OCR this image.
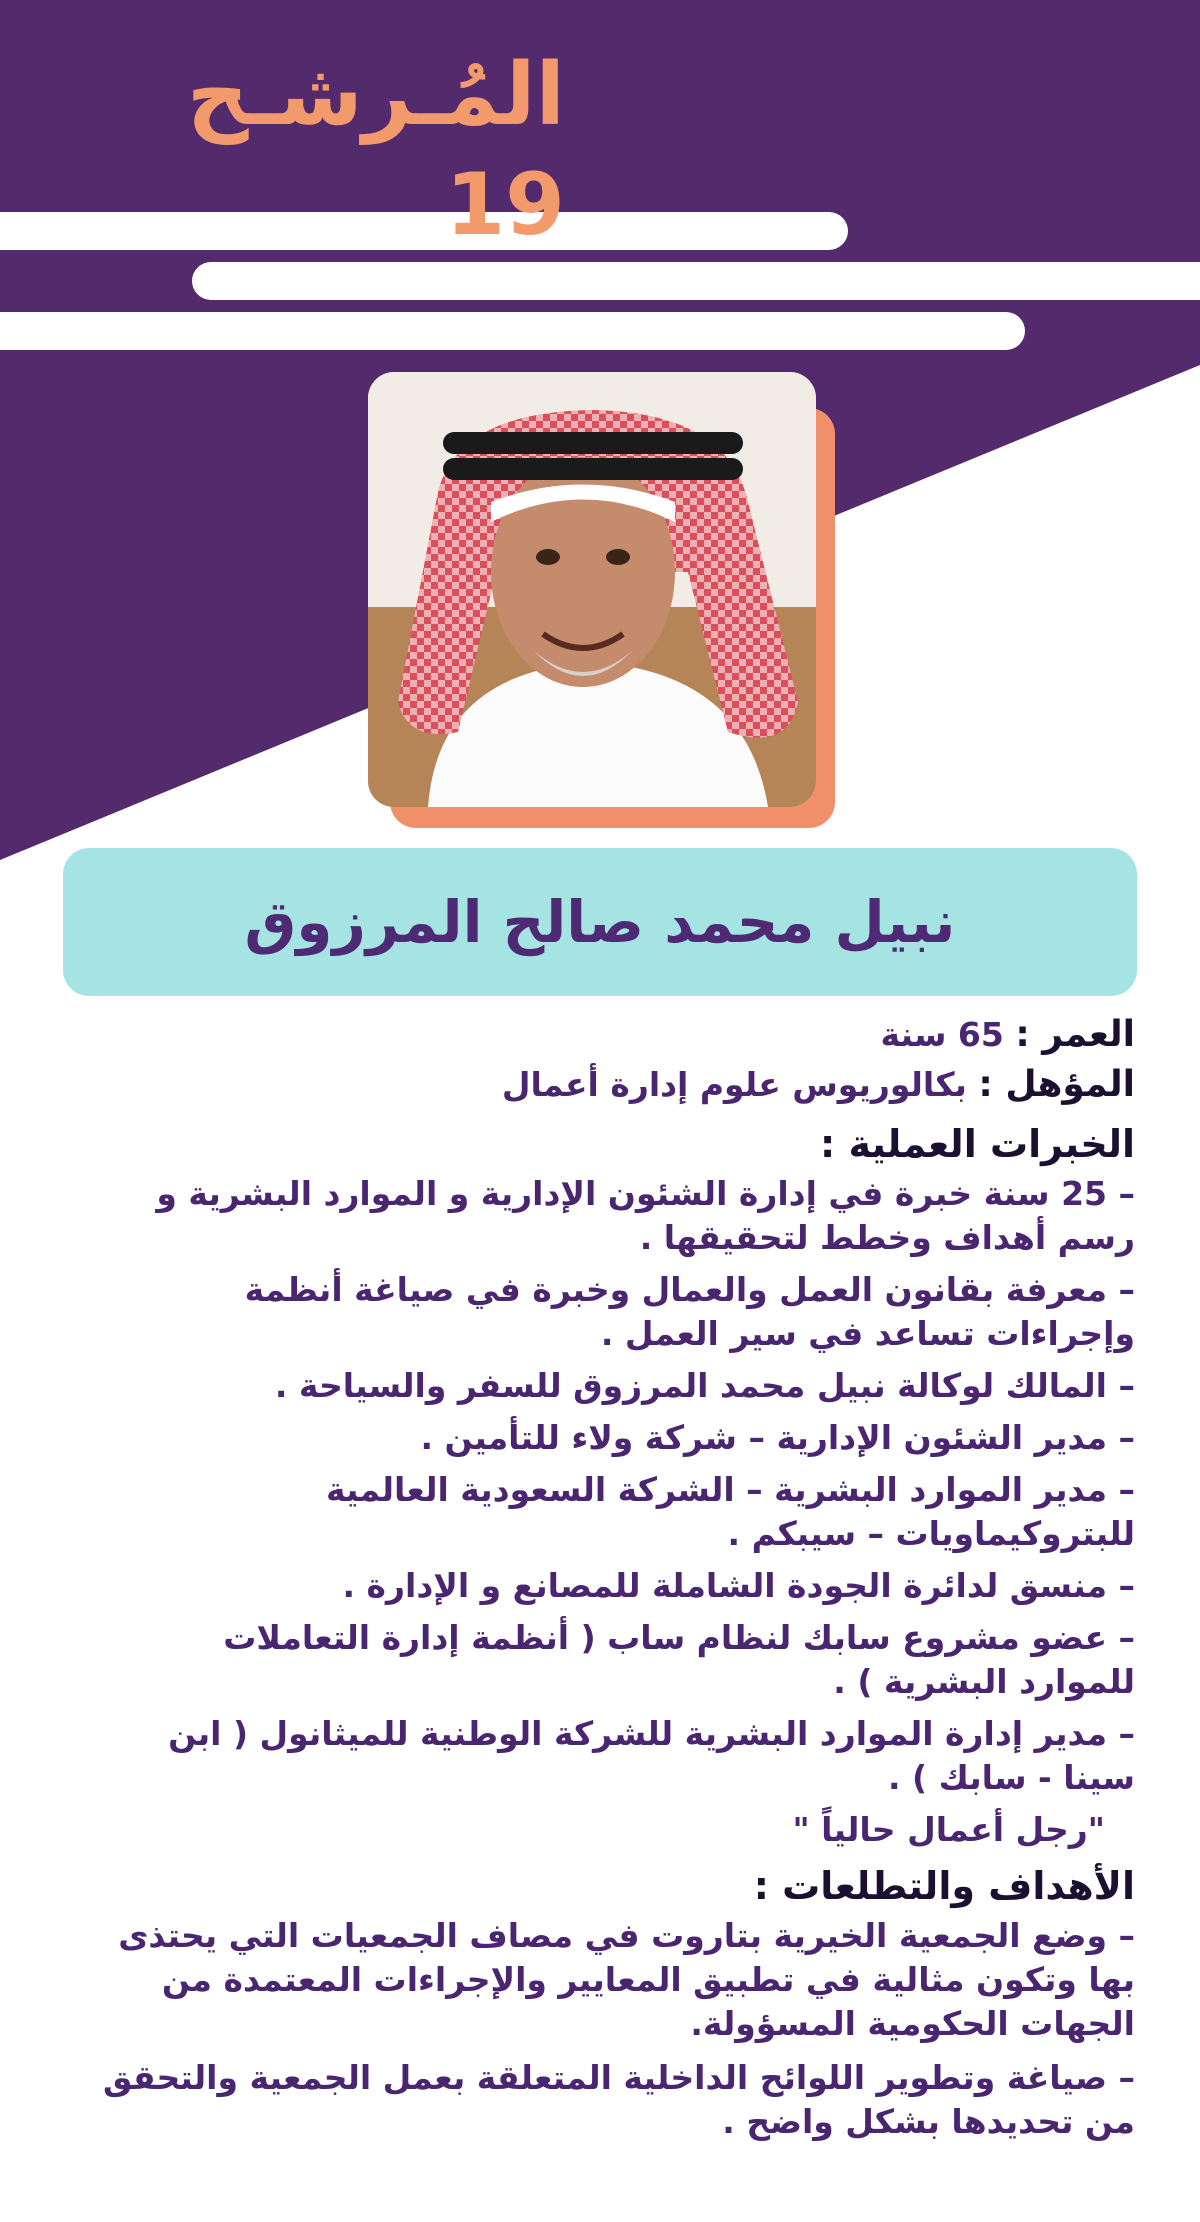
المُـرشـح 19
نبيل محمد صالح المرزوق
العمر : 65 سنة
المؤهل : بكالوريوس علوم إدارة أعمال
الخبرات العملية :
– 25 سنة خبرة في إدارة الشئون الإدارية و الموارد البشرية و رسم أهداف وخطط لتحقيقها .
– معرفة بقانون العمل والعمال وخبرة في صياغة أنظمة وإجراءات تساعد في سير العمل .
– المالك لوكالة نبيل محمد المرزوق للسفر والسياحة .
– مدير الشئون الإدارية – شركة ولاء للتأمين .
– مدير الموارد البشرية – الشركة السعودية العالمية للبتروكيماويات – سيبكم .
– منسق لدائرة الجودة الشاملة للمصانع و الإدارة .
– عضو مشروع سابك لنظام ساب ( أنظمة إدارة التعاملات للموارد البشرية ) .
– مدير إدارة الموارد البشرية للشركة الوطنية للميثانول ( ابن سينا - سابك ) .
"رجل أعمال حالياً "
الأهداف والتطلعات :
– وضع الجمعية الخيرية بتاروت في مصاف الجمعيات التي يحتذى بها وتكون مثالية في تطبيق المعايير والإجراءات المعتمدة من الجهات الحكومية المسؤولة.
– صياغة وتطوير اللوائح الداخلية المتعلقة بعمل الجمعية والتحقق من تحديدها بشكل واضح .
